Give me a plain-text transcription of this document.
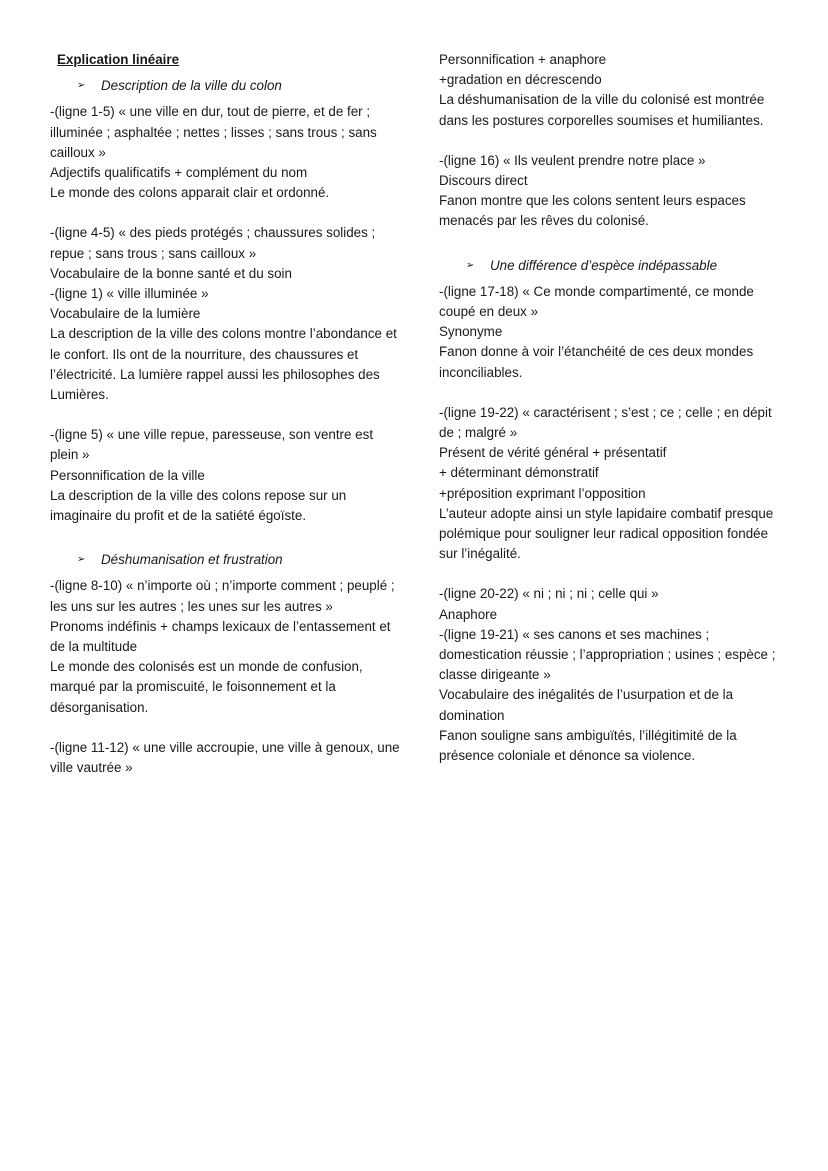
Explication linéaire
➢ Description de la ville du colon
-(ligne 1-5) « une ville en dur, tout de pierre, et de fer ; illuminée ; asphaltée ; nettes ; lisses ; sans trous ; sans cailloux »
Adjectifs qualificatifs + complément du nom
Le monde des colons apparait clair et ordonné.
-(ligne 4-5) « des pieds protégés ; chaussures solides ; repue ; sans trous ; sans cailloux »
Vocabulaire de la bonne santé et du soin
-(ligne 1) « ville illuminée »
Vocabulaire de la lumière
La description de la ville des colons montre l’abondance et le confort. Ils ont de la nourriture, des chaussures et l’électricité. La lumière rappel aussi les philosophes des Lumières.
-(ligne 5) « une ville repue, paresseuse, son ventre est plein »
Personnification de la ville
La description de la ville des colons repose sur un imaginaire du profit et de la satiété égoïste.
➢ Déshumanisation et frustration
-(ligne 8-10) « n’importe où ; n’importe comment ; peuplé ; les uns sur les autres ; les unes sur les autres »
Pronoms indéfinis + champs lexicaux de l’entassement et de la multitude
Le monde des colonisés est un monde de confusion, marqué par la promiscuité, le foisonnement et la désorganisation.
-(ligne 11-12) « une ville accroupie, une ville à genoux, une ville vautrée »
Personnification + anaphore
+gradation en décrescendo
La déshumanisation de la ville du colonisé est montrée dans les postures corporelles soumises et humiliantes.
-(ligne 16) « Ils veulent prendre notre place »
Discours direct
Fanon montre que les colons sentent leurs espaces menacés par les rêves du colonisé.
➢ Une différence d’espèce indépassable
-(ligne 17-18) « Ce monde compartimenté, ce monde coupé en deux »
Synonyme
Fanon donne à voir l’étanchéité de ces deux mondes inconciliables.
-(ligne 19-22) « caractérisent ; s’est ; ce ; celle ; en dépit de ; malgré »
Présent de vérité général + présentatif
+ déterminant démonstratif
+préposition exprimant l’opposition
L’auteur adopte ainsi un style lapidaire combatif presque polémique pour souligner leur radical opposition fondée sur l’inégalité.
-(ligne 20-22) « ni ; ni ; ni ; celle qui »
Anaphore
-(ligne 19-21) « ses canons et ses machines ; domestication réussie ; l’appropriation ; usines ; espèce ; classe dirigeante »
Vocabulaire des inégalités de l’usurpation et de la domination
Fanon souligne sans ambiguïtés, l’illégitimité de la présence coloniale et dénonce sa violence.
